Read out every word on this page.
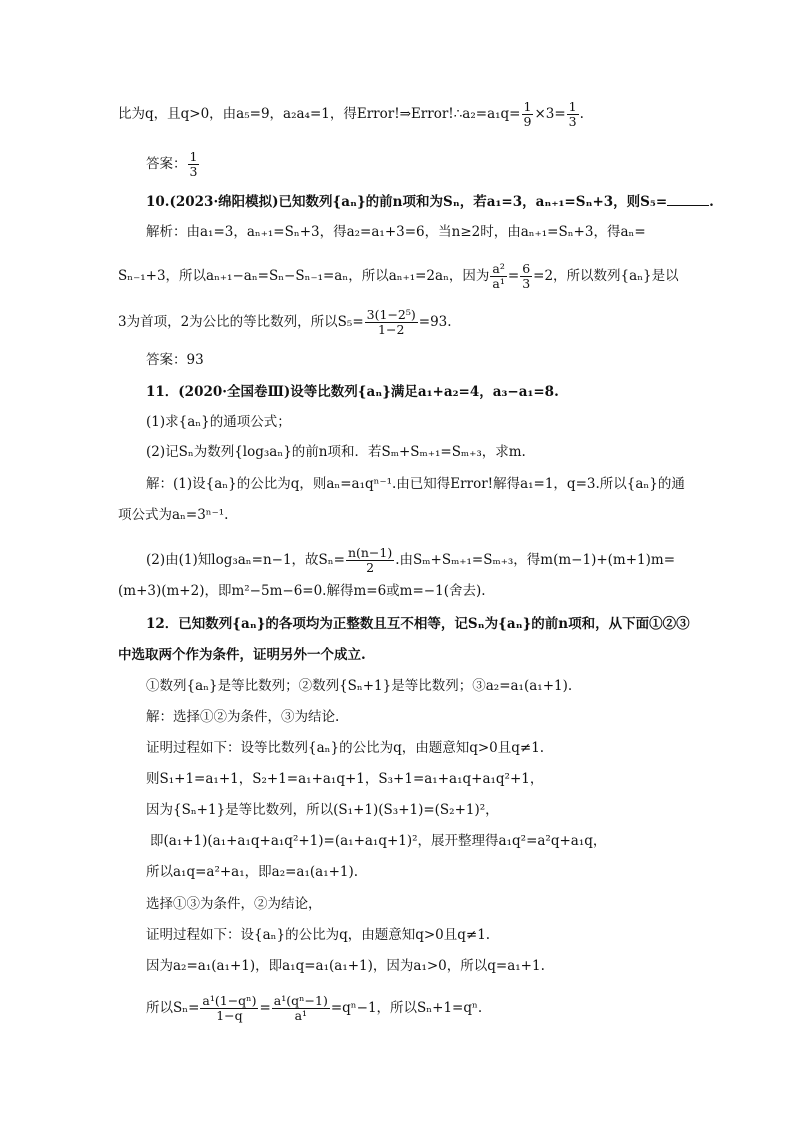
比为q，且q>0，由a₅=9，a₂a₄=1，得Error!⇒Error!∴a₂=a₁q= $\frac{1}{9} \times 3= \frac{1}{3}$ .
答案： $\frac{1}{3}$
10.(2023·绵阳模拟)已知数列{aₙ}的前n项和为Sₙ，若a₁=3，aₙ₊₁=Sₙ+3，则S₅=	.
解析：由a₁=3，aₙ₊₁=Sₙ+3，得a₂=a₁+3=6，当n≥2时，由aₙ₊₁=Sₙ+3，得aₙ=
Sₙ₋₁+3，所以aₙ₊₁−aₙ=Sₙ−Sₙ₋₁=aₙ，所以aₙ₊₁=2aₙ，因为 $\frac{\text{a²}}{\text{a¹}} = \frac{6}{3} =2$，所以数列{aₙ}是以
3为首项，2为公比的等比数列，所以$S_5= \frac{\text{3(1−2⁵)}}{1-2} =93$.
答案：93
11．(2020·全国卷Ⅲ)设等比数列{aₙ}满足a₁+a₂=4，a₃−a₁=8.
(1)求{aₙ}的通项公式；
(2)记Sₙ为数列{log₃aₙ}的前n项和．若Sₘ+Sₘ₊₁=Sₘ₊₃，求m.
解：(1)设{aₙ}的公比为q，则aₙ=a₁qⁿ⁻¹.由已知得Error!解得a₁=1，q=3.所以{aₙ}的通
项公式为aₙ=3ⁿ⁻¹.
(2)由(1)知log₃aₙ=n−1，故$S_n= \frac{n(n-1)}{2}$ .由Sₘ+Sₘ₊₁=Sₘ₊₃，得m(m−1)+(m+1)m=
(m+3)(m+2)，即m²−5m−6=0.解得m=6或m=−1(舍去).
12．已知数列{aₙ}的各项均为正整数且互不相等，记Sₙ为{aₙ}的前n项和，从下面①②③
中选取两个作为条件，证明另外一个成立.
①数列{aₙ}是等比数列；②数列{Sₙ+1}是等比数列；③a₂=a₁(a₁+1).
解：选择①②为条件，③为结论.
证明过程如下：设等比数列{aₙ}的公比为q，由题意知q>0且q≠1.
则S₁+1=a₁+1，S₂+1=a₁+a₁q+1，S₃+1=a₁+a₁q+a₁q²+1，
因为{Sₙ+1}是等比数列，所以(S₁+1)(S₃+1)=(S₂+1)²，
即(a₁+1)(a₁+a₁q+a₁q²+1)=(a₁+a₁q+1)²，展开整理得a₁q²=a²q+a₁q，
所以a₁q=a²+a₁，即a₂=a₁(a₁+1).
选择①③为条件，②为结论，
证明过程如下：设{aₙ}的公比为q，由题意知q>0且q≠1.
因为a₂=a₁(a₁+1)，即a₁q=a₁(a₁+1)，因为a₁>0，所以q=a₁+1.
所以$S_n= \frac{\text{a¹(1−qⁿ)}}{1-q} = \frac{\text{a¹(qⁿ−1)}}{\text{a¹}} =q^n-1$，所以Sₙ+1=qⁿ.
